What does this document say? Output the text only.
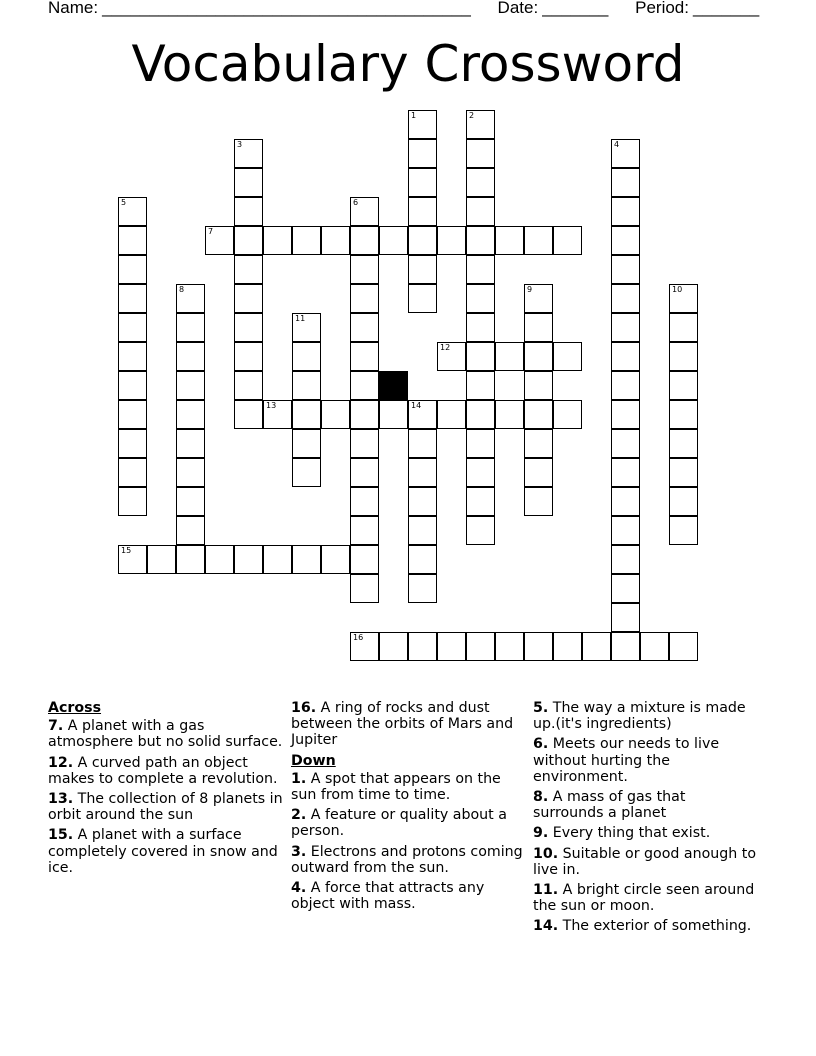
Name: _______________________________________ Date: _______ Period: _______
Vocabulary Crossword
7
12
13	14
15
16
1	2
3	4
5	6
8	9	10
11
Across
7. A planet with a gas atmosphere but no solid surface.
12. A curved path an object makes to complete a revolution.
13. The collection of 8 planets in orbit around the sun
15. A planet with a surface completely covered in snow and ice.
16. A ring of rocks and dust between the orbits of Mars and Jupiter
Down
1. A spot that appears on the sun from time to time.
2. A feature or quality about a person.
3. Electrons and protons coming outward from the sun.
4. A force that attracts any object with mass.
5. The way a mixture is made up.(it's ingredients)
6. Meets our needs to live without hurting the environment.
8. A mass of gas that surrounds a planet
9. Every thing that exist.
10. Suitable or good anough to live in.
11. A bright circle seen around the sun or moon.
14. The exterior of something.
